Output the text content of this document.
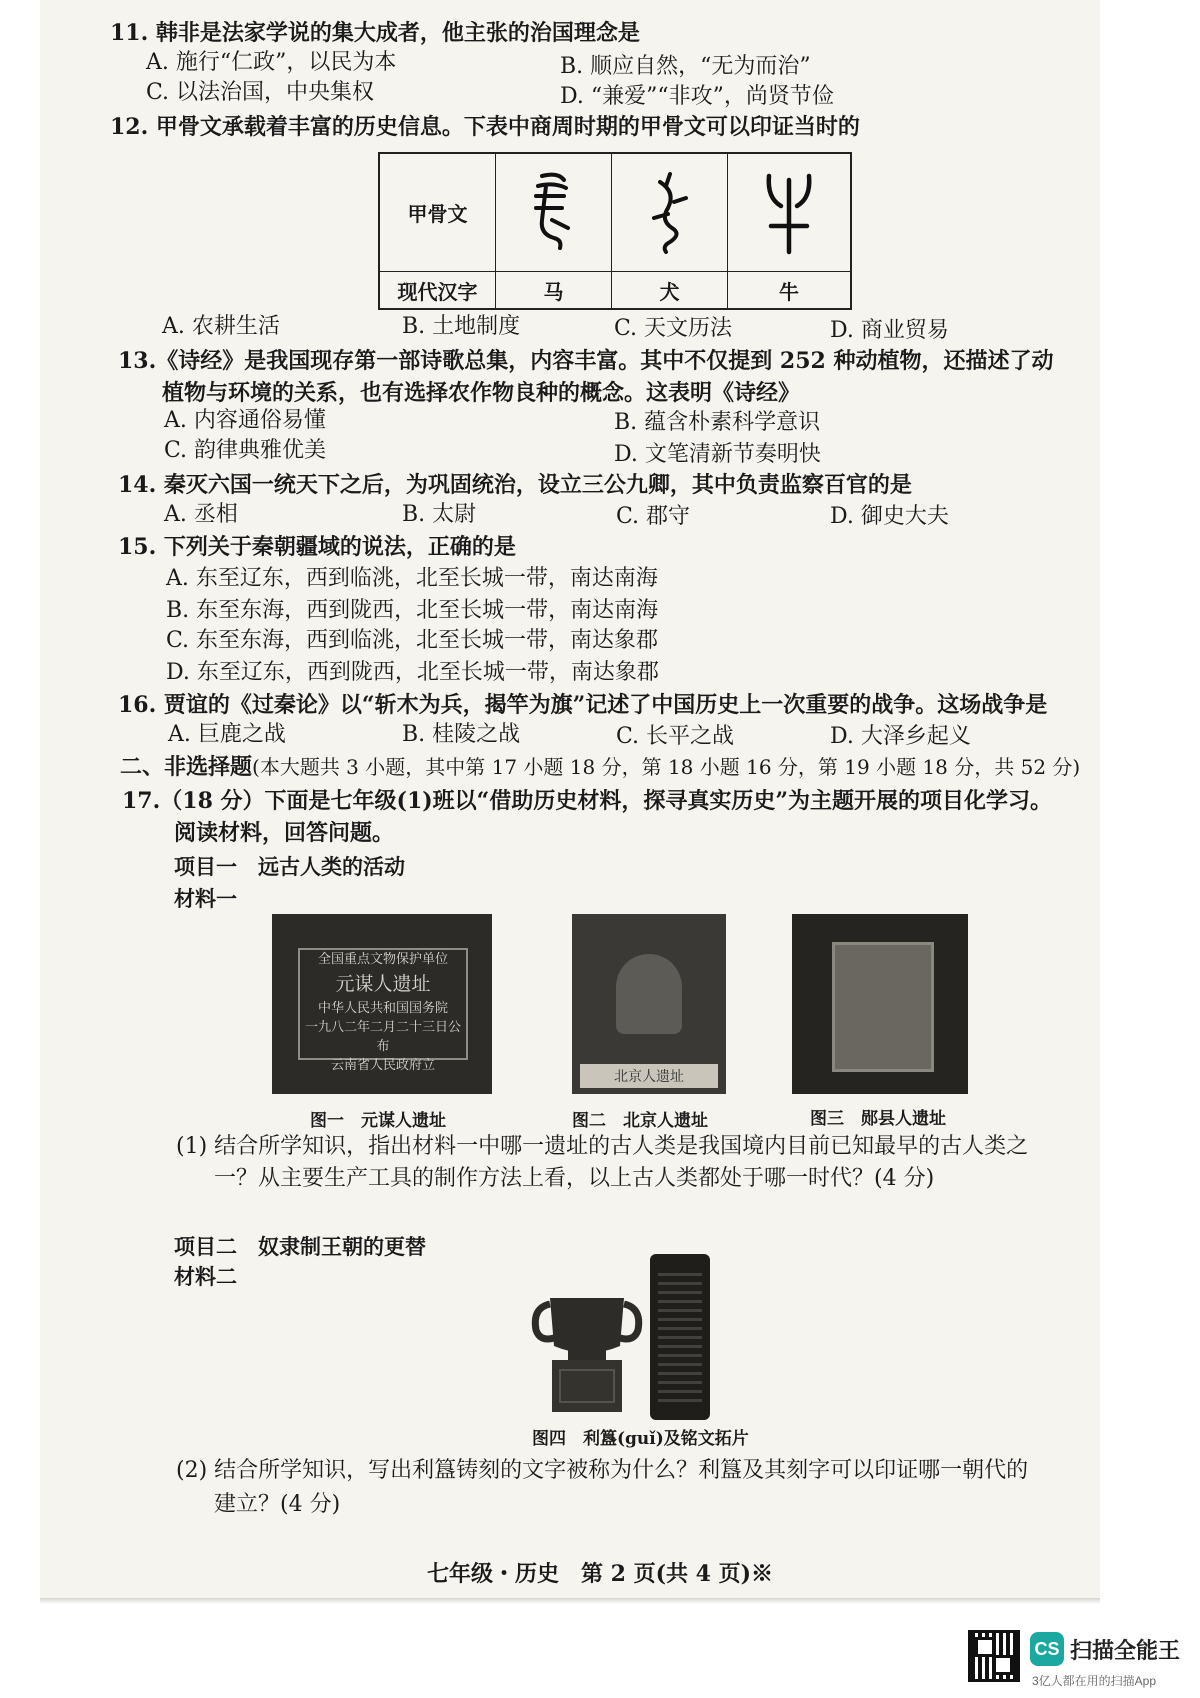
11. 韩非是法家学说的集大成者，他主张的治国理念是
A. 施行“仁政”，以民为本	B. 顺应自然，“无为而治”
C. 以法治国，中央集权	D. “兼爱”“非攻”，尚贤节俭
12. 甲骨文承载着丰富的历史信息。下表中商周时期的甲骨文可以印证当时的
甲骨文
现代汉字	马	犬	牛
A. 农耕生活	B. 土地制度	C. 天文历法	D. 商业贸易
13.《诗经》是我国现存第一部诗歌总集，内容丰富。其中不仅提到 252 种动植物，还描述了动
植物与环境的关系，也有选择农作物良种的概念。这表明《诗经》
A. 内容通俗易懂	B. 蕴含朴素科学意识
C. 韵律典雅优美	D. 文笔清新节奏明快
14. 秦灭六国一统天下之后，为巩固统治，设立三公九卿，其中负责监察百官的是
A. 丞相	B. 太尉	C. 郡守	D. 御史大夫
15. 下列关于秦朝疆域的说法，正确的是
A. 东至辽东，西到临洮，北至长城一带，南达南海
B. 东至东海，西到陇西，北至长城一带，南达南海
C. 东至东海，西到临洮，北至长城一带，南达象郡
D. 东至辽东，西到陇西，北至长城一带，南达象郡
16. 贾谊的《过秦论》以“斩木为兵，揭竿为旗”记述了中国历史上一次重要的战争。这场战争是
A. 巨鹿之战	B. 桂陵之战	C. 长平之战	D. 大泽乡起义
二、非选择题(本大题共 3 小题，其中第 17 小题 18 分，第 18 小题 16 分，第 19 小题 18 分，共 52 分)
17.（18 分）下面是七年级(1)班以“借助历史材料，探寻真实历史”为主题开展的项目化学习。
阅读材料，回答问题。
项目一　远古人类的活动
材料一
全国重点文物保护单位
元谋人遗址
中华人民共和国国务院
一九八二年二月二十三日公布
云南省人民政府立
北京人遗址
图一　元谋人遗址	图二　北京人遗址	图三　郧县人遗址
(1) 结合所学知识，指出材料一中哪一遗址的古人类是我国境内目前已知最早的古人类之
一？从主要生产工具的制作方法上看，以上古人类都处于哪一时代？(4 分)
项目二　奴隶制王朝的更替
材料二
图四　利簋(guǐ)及铭文拓片
(2) 结合所学知识，写出利簋铸刻的文字被称为什么？利簋及其刻字可以印证哪一朝代的
建立？(4 分)
七年级・历史　第 2 页(共 4 页)※
CS 扫描全能王
3亿人都在用的扫描App
